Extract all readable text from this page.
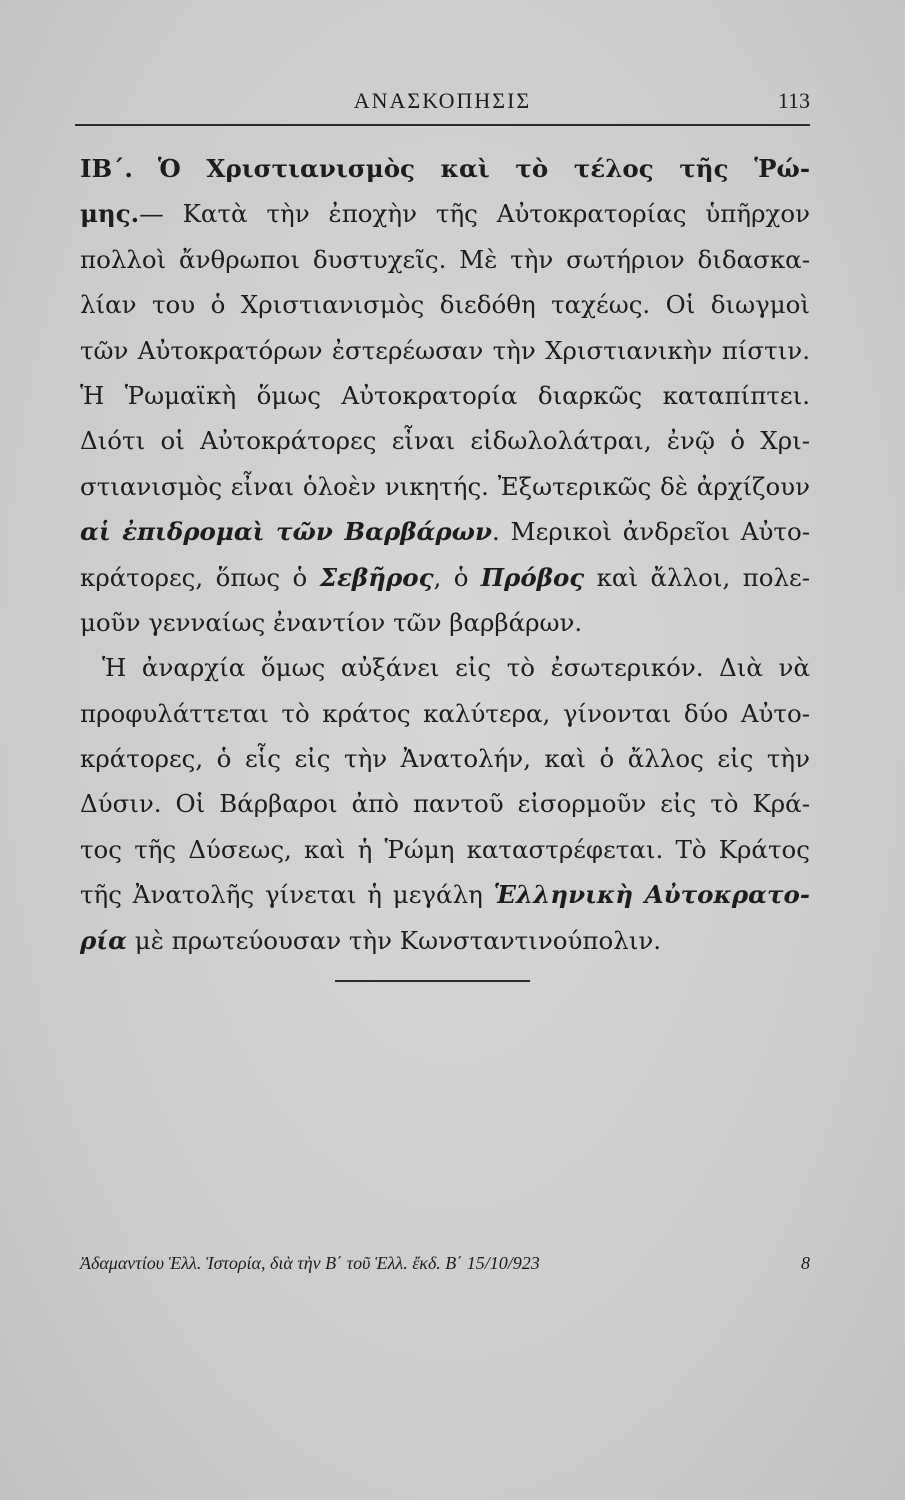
ΑΝΑΣΚΟΠΗΣΙΣ	113
ΙΒ΄. Ὁ Χριστιανισμὸς καὶ τὸ τέλος τῆς Ῥώ-
μης.— Κατὰ τὴν ἐποχὴν τῆς Αὐτοκρατορίας ὑπῆρχον
πολλοὶ ἄνθρωποι δυστυχεῖς. Μὲ τὴν σωτήριον διδασκα-
λίαν του ὁ Χριστιανισμὸς διεδόθη ταχέως. Οἱ διωγμοὶ
τῶν Αὐτοκρατόρων ἐστερέωσαν τὴν Χριστιανικὴν πίστιν.
Ἡ Ῥωμαϊκὴ ὅμως Αὐτοκρατορία διαρκῶς καταπίπτει.
Διότι οἱ Αὐτοκράτορες εἶναι εἰδωλολάτραι, ἐνῷ ὁ Χρι-
στιανισμὸς εἶναι ὁλοὲν νικητής. Ἐξωτερικῶς δὲ ἀρχίζουν
αἱ ἐπιδρομαὶ τῶν Βαρβάρων. Μερικοὶ ἀνδρεῖοι Αὐτο-
κράτορες, ὅπως ὁ Σεβῆρος, ὁ Πρόβος καὶ ἄλλοι, πολε-
μοῦν γενναίως ἐναντίον τῶν βαρβάρων.
Ἡ ἀναρχία ὅμως αὐξάνει εἰς τὸ ἐσωτερικόν. Διὰ νὰ
προφυλάττεται τὸ κράτος καλύτερα, γίνονται δύο Αὐτο-
κράτορες, ὁ εἷς εἰς τὴν Ἀνατολήν, καὶ ὁ ἄλλος εἰς τὴν
Δύσιν. Οἱ Βάρβαροι ἀπὸ παντοῦ εἰσορμοῦν εἰς τὸ Κρά-
τος τῆς Δύσεως, καὶ ἡ Ῥώμη καταστρέφεται. Τὸ Κράτος
τῆς Ἀνατολῆς γίνεται ἡ μεγάλη Ἑλληνικὴ Αὐτοκρατο-
ρία μὲ πρωτεύουσαν τὴν Κωνσταντινούπολιν.
Ἀδαμαντίου Ἑλλ. Ἱστορία, διὰ τὴν Β΄ τοῦ Ἑλλ. ἔκδ. Β΄ 15/10/923	8
